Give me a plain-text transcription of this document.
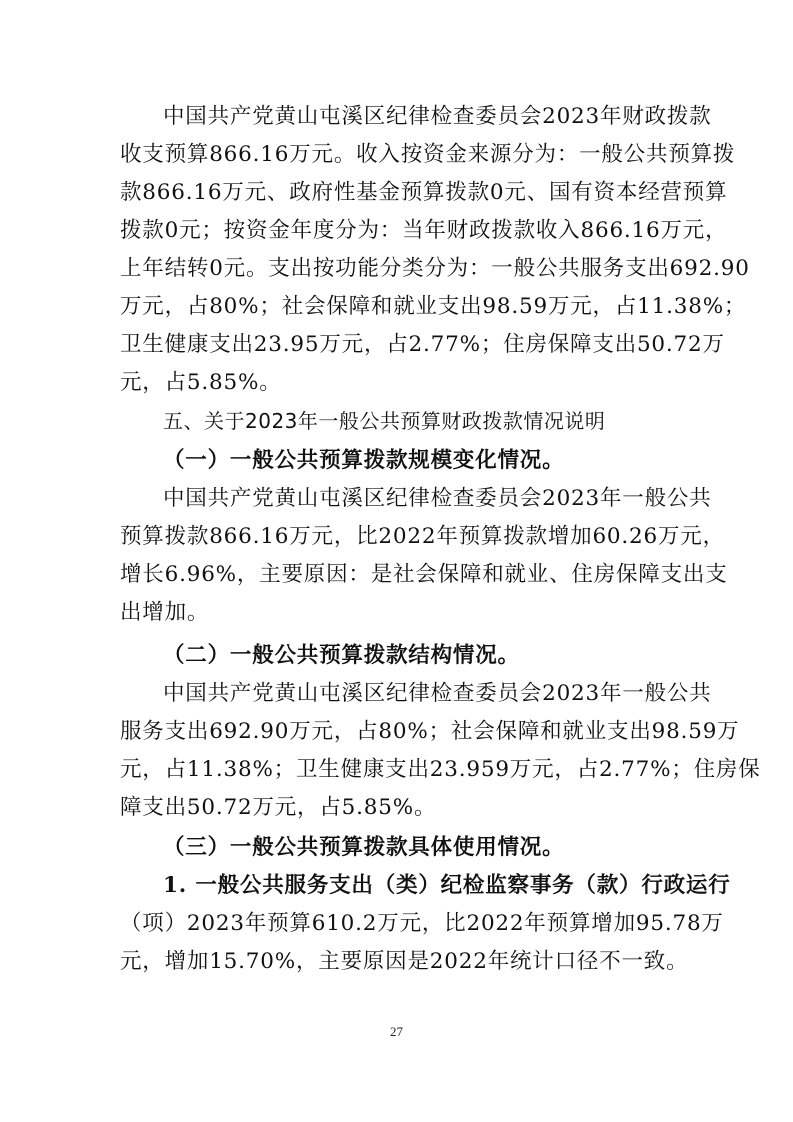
中国共产党黄山屯溪区纪律检查委员会2023年财政拨款
收支预算866.16万元。收入按资金来源分为：一般公共预算拨
款866.16万元、政府性基金预算拨款0元、国有资本经营预算
拨款0元；按资金年度分为：当年财政拨款收入866.16万元，
上年结转0元。支出按功能分类分为：一般公共服务支出692.90
万元，占80%；社会保障和就业支出98.59万元，占11.38%；
卫生健康支出23.95万元，占2.77%；住房保障支出50.72万
元，占5.85%。
五、关于2023年一般公共预算财政拨款情况说明
（一）一般公共预算拨款规模变化情况。
中国共产党黄山屯溪区纪律检查委员会2023年一般公共
预算拨款866.16万元，比2022年预算拨款增加60.26万元，
增长6.96%，主要原因：是社会保障和就业、住房保障支出支
出增加。
（二）一般公共预算拨款结构情况。
中国共产党黄山屯溪区纪律检查委员会2023年一般公共
服务支出692.90万元，占80%；社会保障和就业支出98.59万
元，占11.38%；卫生健康支出23.959万元，占2.77%；住房保
障支出50.72万元，占5.85%。
（三）一般公共预算拨款具体使用情况。
1. 一般公共服务支出（类）纪检监察事务（款）行政运行
（项）2023年预算610.2万元，比2022年预算增加95.78万
元，增加15.70%，主要原因是2022年统计口径不一致。
27
